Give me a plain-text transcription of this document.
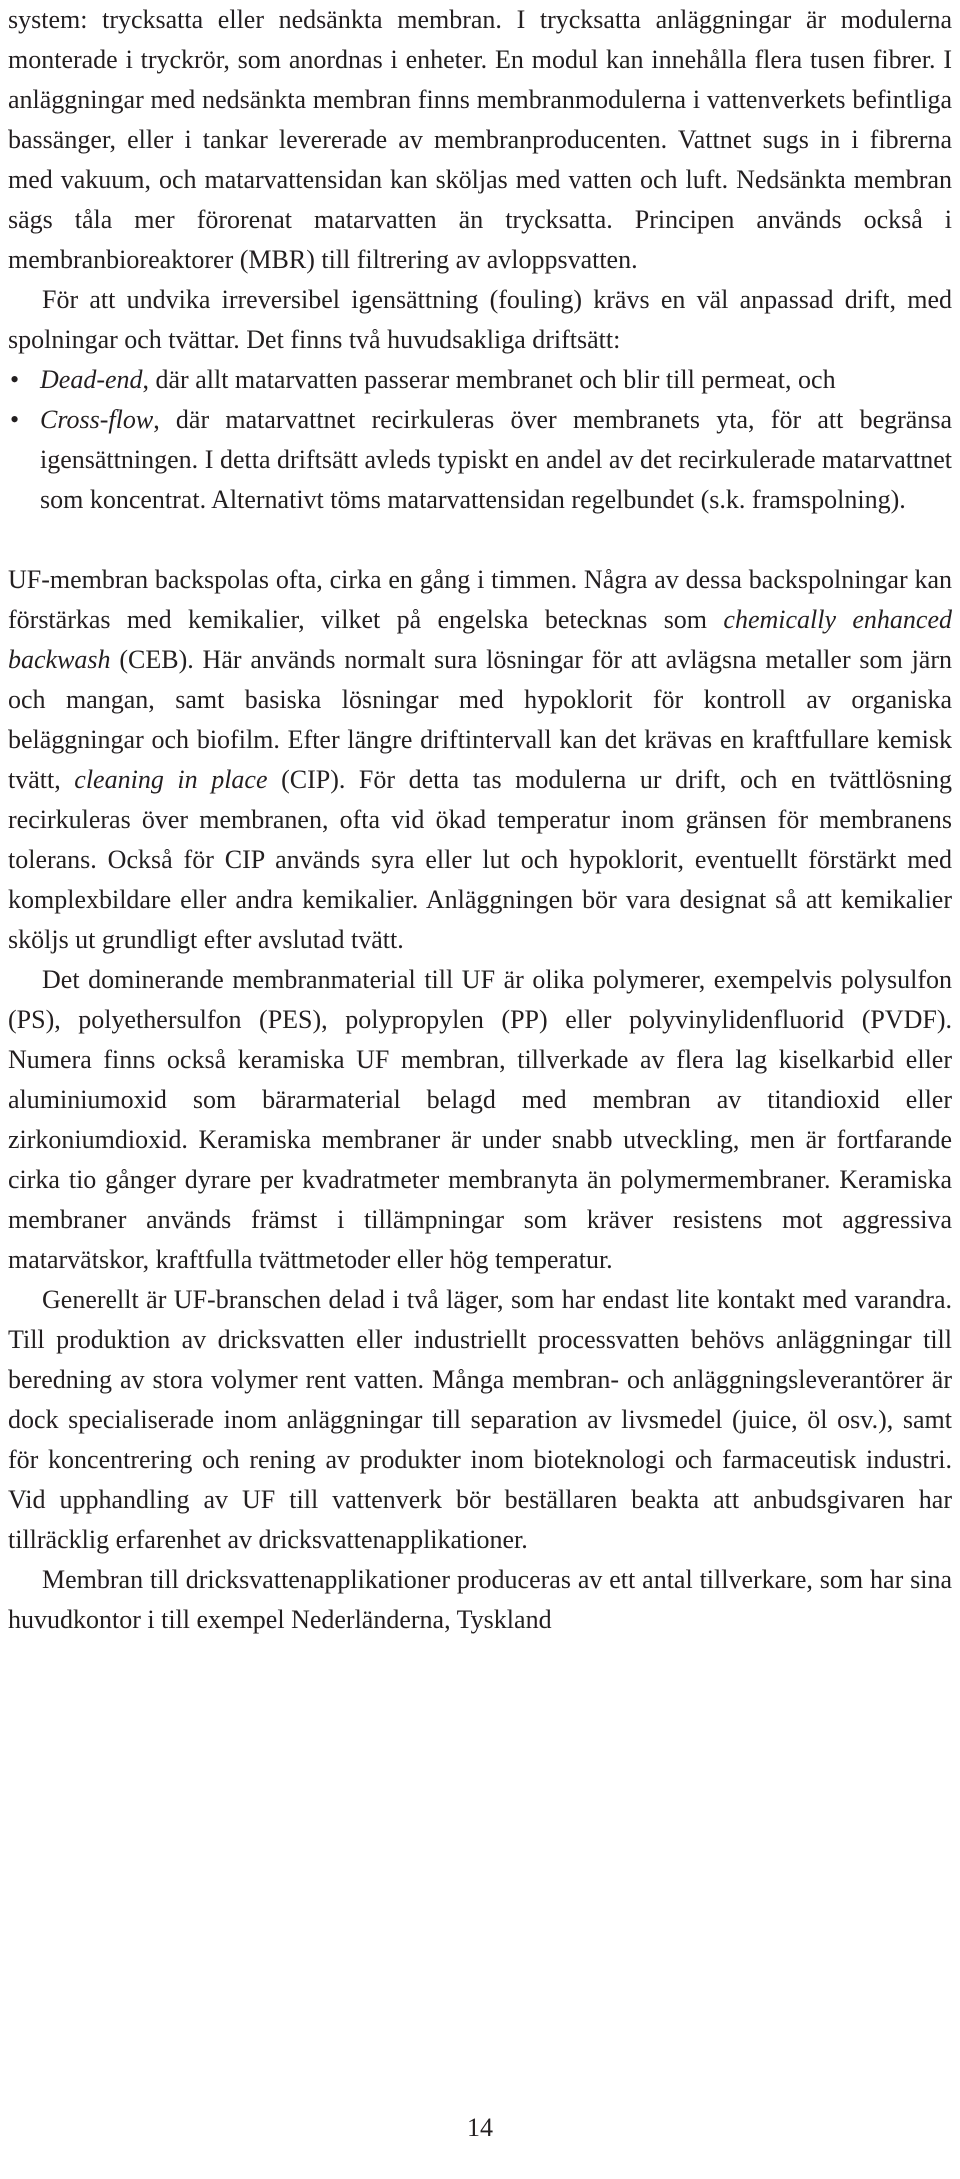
system: trycksatta eller nedsänkta membran. I trycksatta anläggningar är modulerna monterade i tryckrör, som anordnas i enheter. En modul kan innehålla flera tusen fibrer. I anläggningar med nedsänkta membran finns membranmodulerna i vattenverkets befintliga bassänger, eller i tankar levererade av membranproducenten. Vattnet sugs in i fibrerna med vakuum, och matarvattensidan kan sköljas med vatten och luft. Nedsänkta membran sägs tåla mer förorenat matarvatten än trycksatta. Principen används också i membranbioreaktorer (MBR) till filtrering av avloppsvatten.

För att undvika irreversibel igensättning (fouling) krävs en väl anpassad drift, med spolningar och tvättar. Det finns två huvudsakliga driftsätt:

• Dead-end, där allt matarvatten passerar membranet och blir till permeat, och
• Cross-flow, där matarvattnet recirkuleras över membranets yta, för att begränsa igensättningen. I detta driftsätt avleds typiskt en andel av det recirkulerade matarvattnet som koncentrat. Alternativt töms matarvattensidan regelbundet (s.k. framspolning).

UF-membran backspolas ofta, cirka en gång i timmen. Några av dessa backspolningar kan förstärkas med kemikalier, vilket på engelska betecknas som chemically enhanced backwash (CEB). Här används normalt sura lösningar för att avlägsna metaller som järn och mangan, samt basiska lösningar med hypoklorit för kontroll av organiska beläggningar och biofilm. Efter längre driftintervall kan det krävas en kraftfullare kemisk tvätt, cleaning in place (CIP). För detta tas modulerna ur drift, och en tvättlösning recirkuleras över membranen, ofta vid ökad temperatur inom gränsen för membranens tolerans. Också för CIP används syra eller lut och hypoklorit, eventuellt förstärkt med komplexbildare eller andra kemikalier. Anläggningen bör vara designat så att kemikalier sköljs ut grundligt efter avslutad tvätt.

Det dominerande membranmaterial till UF är olika polymerer, exempelvis polysulfon (PS), polyethersulfon (PES), polypropylen (PP) eller polyvinylidenfluorid (PVDF). Numera finns också keramiska UF membran, tillverkade av flera lag kiselkarbid eller aluminiumoxid som bärarmaterial belagd med membran av titandioxid eller zirkoniumdioxid. Keramiska membraner är under snabb utveckling, men är fortfarande cirka tio gånger dyrare per kvadratmeter membranyta än polymermembraner. Keramiska membraner används främst i tillämpningar som kräver resistens mot aggressiva matarvätskor, kraftfulla tvättmetoder eller hög temperatur.

Generellt är UF-branschen delad i två läger, som har endast lite kontakt med varandra. Till produktion av dricksvatten eller industriellt processvatten behövs anläggningar till beredning av stora volymer rent vatten. Många membran- och anläggningsleverantörer är dock specialiserade inom anläggningar till separation av livsmedel (juice, öl osv.), samt för koncentrering och rening av produkter inom bioteknologi och farmaceutisk industri. Vid upphandling av UF till vattenverk bör beställaren beakta att anbudsgivaren har tillräcklig erfarenhet av dricksvattenapplikationer.

Membran till dricksvattenapplikationer produceras av ett antal tillverkare, som har sina huvudkontor i till exempel Nederländerna, Tyskland

14
